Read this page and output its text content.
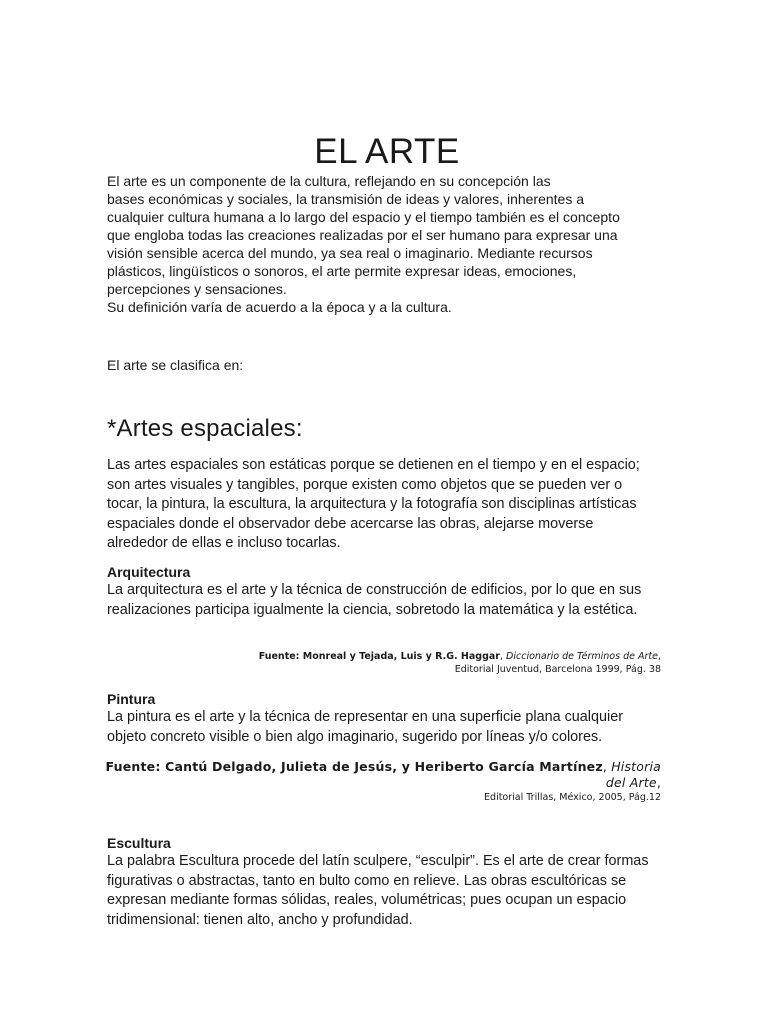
EL ARTE

El arte es un componente de la cultura, reflejando en su concepción las
bases económicas y sociales, la transmisión de ideas y valores, inherentes a
cualquier cultura humana a lo largo del espacio y el tiempo también es el concepto
que engloba todas las creaciones realizadas por el ser humano para expresar una
visión sensible acerca del mundo, ya sea real o imaginario. Mediante recursos
plásticos, lingüísticos o sonoros, el arte permite expresar ideas, emociones,
percepciones y sensaciones.
Su definición varía de acuerdo a la época y a la cultura.

El arte se clasifica en:

*Artes espaciales:

Las artes espaciales son estáticas porque se detienen en el tiempo y en el espacio; son artes visuales y tangibles, porque existen como objetos que se pueden ver o tocar, la pintura, la escultura, la arquitectura y la fotografía son disciplinas artísticas espaciales donde el observador debe acercarse las obras, alejarse moverse alrededor de ellas e incluso tocarlas.

Arquitectura

La arquitectura es el arte y la técnica de construcción de edificios, por lo que en sus realizaciones participa igualmente la ciencia, sobretodo la matemática y la estética.

Fuente: Monreal y Tejada, Luis y R.G. Haggar, Diccionario de Términos de Arte,
Editorial Juventud, Barcelona 1999, Pág. 38

Pintura

La pintura es el arte y la técnica de representar en una superficie plana cualquier objeto concreto visible o bien algo imaginario, sugerido por líneas y/o colores.

Fuente: Cantú Delgado, Julieta de Jesús, y Heriberto García Martínez, Historia del Arte,
Editorial Trillas, México, 2005, Pág.12

Escultura

La palabra Escultura procede del latín sculpere, “esculpir”. Es el arte de crear formas figurativas o abstractas, tanto en bulto como en relieve. Las obras escultóricas se expresan mediante formas sólidas, reales, volumétricas; pues ocupan un espacio tridimensional: tienen alto, ancho y profundidad.
